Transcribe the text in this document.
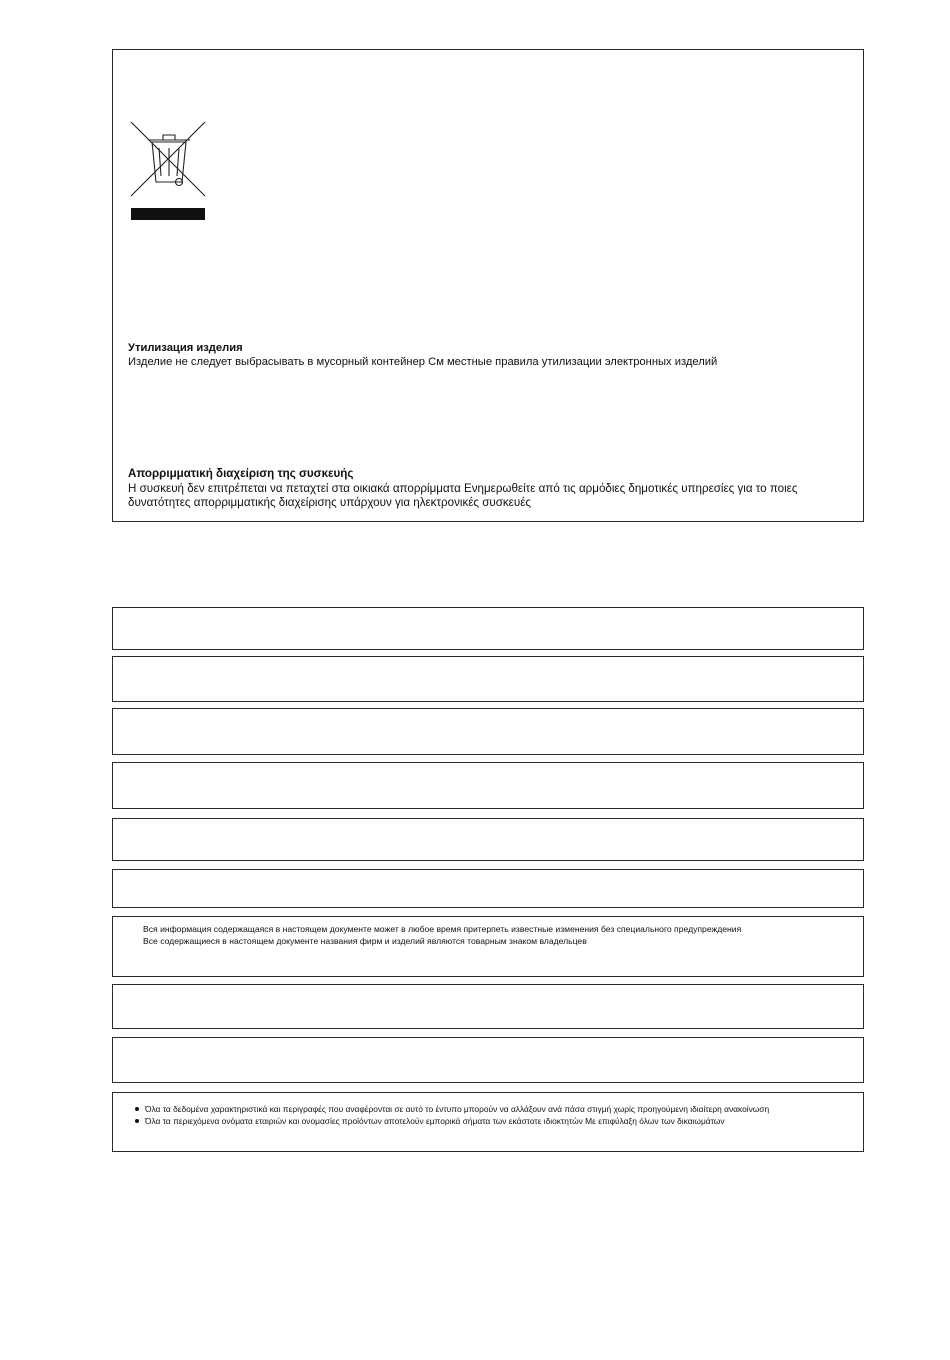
Утилизация изделия
Изделие не следует выбрасывать в мусорный контейнер См местные правила утилизации электронных изделий
Απορριμματική διαχείριση της συσκευής
Η συσκευή δεν επιτρέπεται να πεταχτεί στα οικιακά απορρίμματα Ενημερωθείτε από τις αρμόδιες δημοτικές υπηρεσίες για το ποιες δυνατότητες απορριμματικής διαχείρισης υπάρχουν για ηλεκτρονικές συσκευές
Вся информация содержащаяся в настоящем документе может в любое время притерпеть известные изменения без специального предупреждения
Все содержащиеся в настоящем документе названия фирм и изделий являются товарным знаком владельцев
Όλα τα δεδομένα χαρακτηριστικά και περιγραφές που αναφέρονται σε αυτό το έντυπο μπορούν να αλλάξουν ανά πάσα στιγμή χωρίς προηγούμενη ιδιαίτερη ανακοίνωση
Όλα τα περιεχόμενα ονόματα εταιριών και ονομασίες προϊόντων αποτελούν εμπορικά σήματα των εκάστοτε ιδιοκτητών Με επιφύλαξη όλων των δικαιωμάτων
